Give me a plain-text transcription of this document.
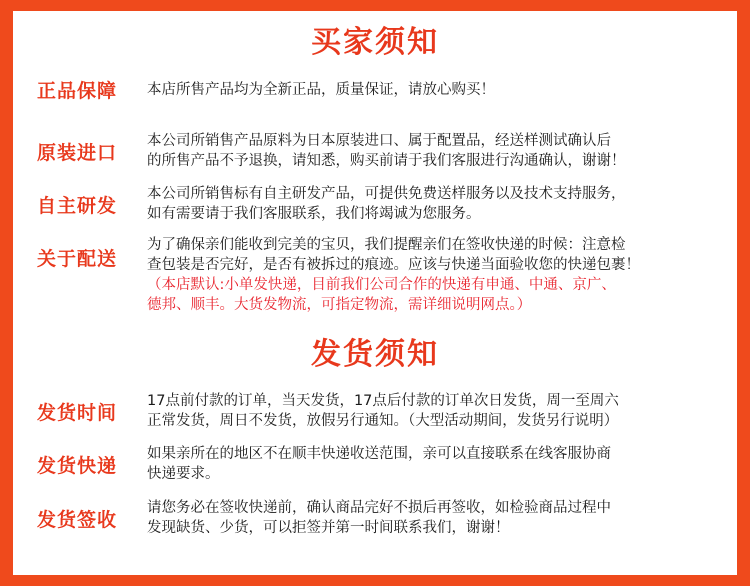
买家须知
正品保障	本店所售产品均为全新正品，质量保证，请放心购买！
原装进口
本公司所销售产品原料为日本原装进口、属于配置品，经送样测试确认后
的所售产品不予退换，请知悉，购买前请于我们客服进行沟通确认，谢谢！
自主研发
本公司所销售标有自主研发产品，可提供免费送样服务以及技术支持服务，
如有需要请于我们客服联系，我们将竭诚为您服务。
关于配送
为了确保亲们能收到完美的宝贝，我们提醒亲们在签收快递的时候：注意检
查包装是否完好，是否有被拆过的痕迹。应该与快递当面验收您的快递包裹！
（本店默认:小单发快递，目前我们公司合作的快递有申通、中通、京广、
德邦、顺丰。大货发物流，可指定物流，需详细说明网点。）
发货须知
发货时间
17点前付款的订单，当天发货，17点后付款的订单次日发货，周一至周六
正常发货，周日不发货，放假另行通知。（大型活动期间，发货另行说明）
发货快递
如果亲所在的地区不在顺丰快递收送范围，亲可以直接联系在线客服协商
快递要求。
发货签收
请您务必在签收快递前，确认商品完好不损后再签收，如检验商品过程中
发现缺货、少货，可以拒签并第一时间联系我们，谢谢！
